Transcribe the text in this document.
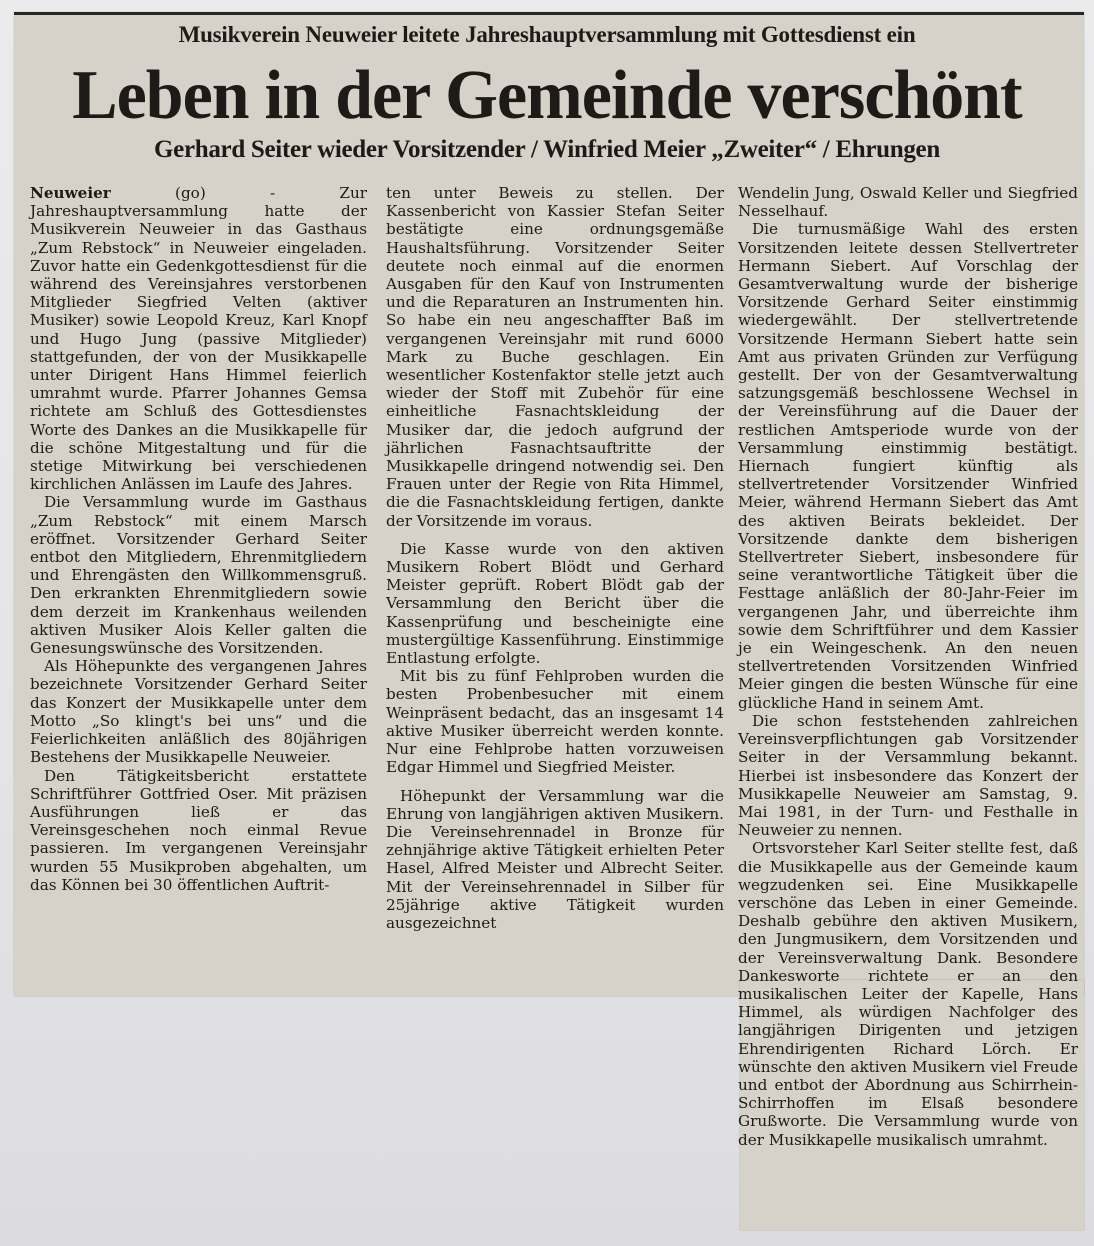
Musikverein Neuweier leitete Jahreshauptversammlung mit Gottesdienst ein
Leben in der Gemeinde verschönt
Gerhard Seiter wieder Vorsitzender / Winfried Meier „Zweiter“ / Ehrungen

Neuweier (go) - Zur Jahreshauptversammlung hatte der Musikverein Neuweier in das Gasthaus „Zum Rebstock“ in Neuweier eingeladen. Zuvor hatte ein Gedenkgottesdienst für die während des Vereinsjahres verstorbenen Mitglieder Siegfried Velten (aktiver Musiker) sowie Leopold Kreuz, Karl Knopf und Hugo Jung (passive Mitglieder) stattgefunden, der von der Musikkapelle unter Dirigent Hans Himmel feierlich umrahmt wurde. Pfarrer Johannes Gemsa richtete am Schluß des Gottesdienstes Worte des Dankes an die Musikkapelle für die schöne Mitgestaltung und für die stetige Mitwirkung bei verschiedenen kirchlichen Anlässen im Laufe des Jahres.

Die Versammlung wurde im Gasthaus „Zum Rebstock“ mit einem Marsch eröffnet. Vorsitzender Gerhard Seiter entbot den Mitgliedern, Ehrenmitgliedern und Ehrengästen den Willkommensgruß. Den erkrankten Ehrenmitgliedern sowie dem derzeit im Krankenhaus weilenden aktiven Musiker Alois Keller galten die Genesungswünsche des Vorsitzenden.

Als Höhepunkte des vergangenen Jahres bezeichnete Vorsitzender Gerhard Seiter das Konzert der Musikkapelle unter dem Motto „So klingt's bei uns“ und die Feierlichkeiten anläßlich des 80jährigen Bestehens der Musikkapelle Neuweier.

Den Tätigkeitsbericht erstattete Schriftführer Gottfried Oser. Mit präzisen Ausführungen ließ er das Vereinsgeschehen noch einmal Revue passieren. Im vergangenen Vereinsjahr wurden 55 Musikproben abgehalten, um das Können bei 30 öffentlichen Auftrit-

ten unter Beweis zu stellen. Der Kassenbericht von Kassier Stefan Seiter bestätigte eine ordnungsgemäße Haushaltsführung. Vorsitzender Seiter deutete noch einmal auf die enormen Ausgaben für den Kauf von Instrumenten und die Reparaturen an Instrumenten hin. So habe ein neu angeschaffter Baß im vergangenen Vereinsjahr mit rund 6000 Mark zu Buche geschlagen. Ein wesentlicher Kostenfaktor stelle jetzt auch wieder der Stoff mit Zubehör für eine einheitliche Fasnachtskleidung der Musiker dar, die jedoch aufgrund der jährlichen Fasnachtsauftritte der Musikkapelle dringend notwendig sei. Den Frauen unter der Regie von Rita Himmel, die die Fasnachtskleidung fertigen, dankte der Vorsitzende im voraus.

Die Kasse wurde von den aktiven Musikern Robert Blödt und Gerhard Meister geprüft. Robert Blödt gab der Versammlung den Bericht über die Kassenprüfung und bescheinigte eine mustergültige Kassenführung. Einstimmige Entlastung erfolgte.

Mit bis zu fünf Fehlproben wurden die besten Probenbesucher mit einem Weinpräsent bedacht, das an insgesamt 14 aktive Musiker überreicht werden konnte. Nur eine Fehlprobe hatten vorzuweisen Edgar Himmel und Siegfried Meister.

Höhepunkt der Versammlung war die Ehrung von langjährigen aktiven Musikern. Die Vereinsehrennadel in Bronze für zehnjährige aktive Tätigkeit erhielten Peter Hasel, Alfred Meister und Albrecht Seiter. Mit der Vereinsehrennadel in Silber für 25jährige aktive Tätigkeit wurden ausgezeichnet

Wendelin Jung, Oswald Keller und Siegfried Nesselhauf.

Die turnusmäßige Wahl des ersten Vorsitzenden leitete dessen Stellvertreter Hermann Siebert. Auf Vorschlag der Gesamtverwaltung wurde der bisherige Vorsitzende Gerhard Seiter einstimmig wiedergewählt. Der stellvertretende Vorsitzende Hermann Siebert hatte sein Amt aus privaten Gründen zur Verfügung gestellt. Der von der Gesamtverwaltung satzungsgemäß beschlossene Wechsel in der Vereinsführung auf die Dauer der restlichen Amtsperiode wurde von der Versammlung einstimmig bestätigt. Hiernach fungiert künftig als stellvertretender Vorsitzender Winfried Meier, während Hermann Siebert das Amt des aktiven Beirats bekleidet. Der Vorsitzende dankte dem bisherigen Stellvertreter Siebert, insbesondere für seine verantwortliche Tätigkeit über die Festtage anläßlich der 80-Jahr-Feier im vergangenen Jahr, und überreichte ihm sowie dem Schriftführer und dem Kassier je ein Weingeschenk. An den neuen stellvertretenden Vorsitzenden Winfried Meier gingen die besten Wünsche für eine glückliche Hand in seinem Amt.

Die schon feststehenden zahlreichen Vereinsverpflichtungen gab Vorsitzender Seiter in der Versammlung bekannt. Hierbei ist insbesondere das Konzert der Musikkapelle Neuweier am Samstag, 9. Mai 1981, in der Turn- und Festhalle in Neuweier zu nennen.

Ortsvorsteher Karl Seiter stellte fest, daß die Musikkapelle aus der Gemeinde kaum wegzudenken sei. Eine Musikkapelle verschöne das Leben in einer Gemeinde. Deshalb gebühre den aktiven Musikern, den Jungmusikern, dem Vorsitzenden und der Vereinsverwaltung Dank. Besondere Dankesworte richtete er an den musikalischen Leiter der Kapelle, Hans Himmel, als würdigen Nachfolger des langjährigen Dirigenten und jetzigen Ehrendirigenten Richard Lörch. Er wünschte den aktiven Musikern viel Freude und entbot der Abordnung aus Schirrhein-Schirrhoffen im Elsaß besondere Grußworte. Die Versammlung wurde von der Musikkapelle musikalisch umrahmt.
